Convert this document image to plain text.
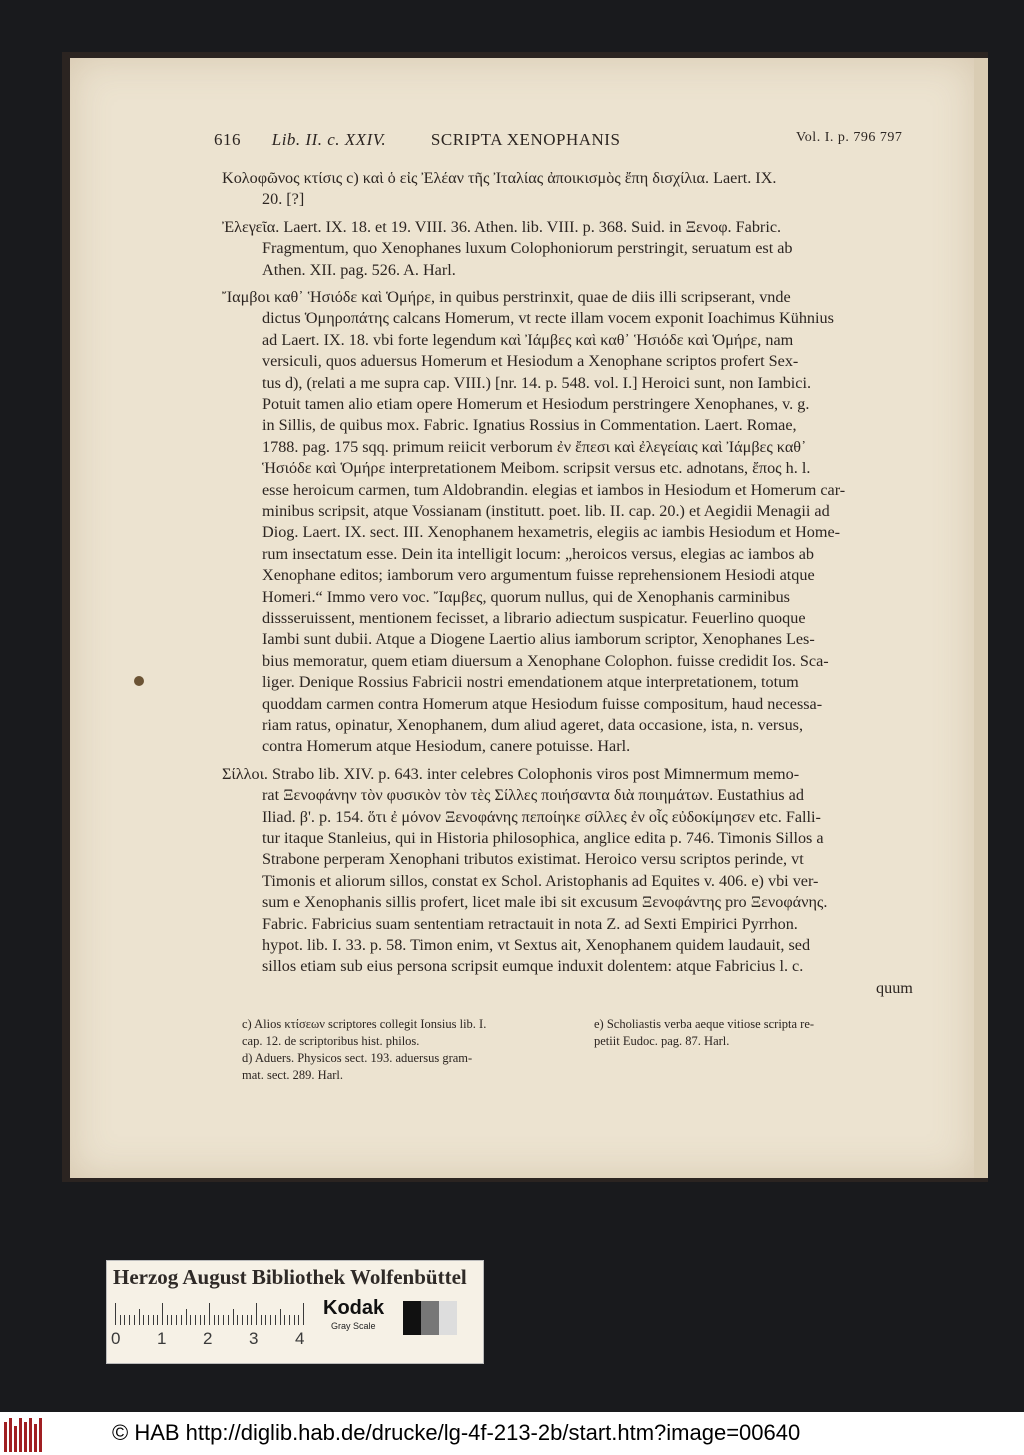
616 Lib. II. c. XXIV.	SCRIPTA XENOPHANIS	Vol. I. p. 796 797
Κολοφῶνος κτίσις c) καὶ ὁ εἰς Ἐλέαν τῆς Ἰταλίας ἀποικισμὸς ἔπη δισχίλια. Laert. IX.
20. [?]
Ἐλεγεῖα. Laert. IX. 18. et 19. VIII. 36. Athen. lib. VIII. p. 368. Suid. in Ξενοφ. Fabric.
Fragmentum, quo Xenophanes luxum Colophoniorum perstringit, seruatum est ab
Athen. XII. pag. 526. A. Harl.
Ἴαμβοι καθ᾽ Ἡσιόδε καὶ Ὁμήρε, in quibus perstrinxit, quae de diis illi scripserant, vnde
dictus Ὁμηροπάτης calcans Homerum, vt recte illam vocem exponit Ioachimus Kühnius
ad Laert. IX. 18. vbi forte legendum καὶ Ἰάμβες καὶ καθ᾽ Ἡσιόδε καὶ Ὁμήρε, nam
versiculi, quos aduersus Homerum et Hesiodum a Xenophane scriptos profert Sex-
tus d), (relati a me supra cap. VIII.) [nr. 14. p. 548. vol. I.] Heroici sunt, non Iambici.
Potuit tamen alio etiam opere Homerum et Hesiodum perstringere Xenophanes, v. g.
in Sillis, de quibus mox. Fabric. Ignatius Rossius in Commentation. Laert. Romae,
1788. pag. 175 sqq. primum reiicit verborum ἐν ἔπεσι καὶ ἐλεγείαις καὶ Ἰάμβες καθ᾽
Ἡσιόδε καὶ Ὁμήρε interpretationem Meibom. scripsit versus etc. adnotans, ἔπος h. l.
esse heroicum carmen, tum Aldobrandin. elegias et iambos in Hesiodum et Homerum car-
minibus scripsit, atque Vossianam (institutt. poet. lib. II. cap. 20.) et Aegidii Menagii ad
Diog. Laert. IX. sect. III. Xenophanem hexametris, elegiis ac iambis Hesiodum et Home-
rum insectatum esse. Dein ita intelligit locum: „heroicos versus, elegias ac iambos ab
Xenophane editos; iamborum vero argumentum fuisse reprehensionem Hesiodi atque
Homeri.“ Immo vero voc. Ἴαμβες, quorum nullus, qui de Xenophanis carminibus
dissseruissent, mentionem fecisset, a librario adiectum suspicatur. Feuerlino quoque
Iambi sunt dubii. Atque a Diogene Laertio alius iamborum scriptor, Xenophanes Les-
bius memoratur, quem etiam diuersum a Xenophane Colophon. fuisse credidit Ios. Sca-
liger. Denique Rossius Fabricii nostri emendationem atque interpretationem, totum
quoddam carmen contra Homerum atque Hesiodum fuisse compositum, haud necessa-
riam ratus, opinatur, Xenophanem, dum aliud ageret, data occasione, ista, n. versus,
contra Homerum atque Hesiodum, canere potuisse. Harl.
Σίλλοι. Strabo lib. XIV. p. 643. inter celebres Colophonis viros post Mimnermum memo-
rat Ξενοφάνην τὸν φυσικὸν τὸν τὲς Σίλλες ποιήσαντα διὰ ποιημάτων. Eustathius ad
Iliad. β'. p. 154. ὅτι ἐ μόνον Ξενοφάνης πεποίηκε σίλλες ἐν οἷς εὐδοκίμησεν etc. Falli-
tur itaque Stanleius, qui in Historia philosophica, anglice edita p. 746. Timonis Sillos a
Strabone perperam Xenophani tributos existimat. Heroico versu scriptos perinde, vt
Timonis et aliorum sillos, constat ex Schol. Aristophanis ad Equites v. 406. e) vbi ver-
sum e Xenophanis sillis profert, licet male ibi sit excusum Ξενοφάντης pro Ξενοφάνης.
Fabric. Fabricius suam sententiam retractauit in nota Z. ad Sexti Empirici Pyrrhon.
hypot. lib. I. 33. p. 58. Timon enim, vt Sextus ait, Xenophanem quidem laudauit, sed
sillos etiam sub eius persona scripsit eumque induxit dolentem: atque Fabricius l. c.
quum
c) Alios κτίσεων scriptores collegit Ionsius lib. I.
cap. 12. de scriptoribus hist. philos.
d) Aduers. Physicos sect. 193. aduersus gram-
mat. sect. 289. Harl.
e) Scholiastis verba aeque vitiose scripta re-
petiit Eudoc. pag. 87. Harl.
Herzog August Bibliothek Wolfenbüttel
0 1 2 3 4
Kodak
Gray Scale
© HAB http://diglib.hab.de/drucke/lg-4f-213-2b/start.htm?image=00640
